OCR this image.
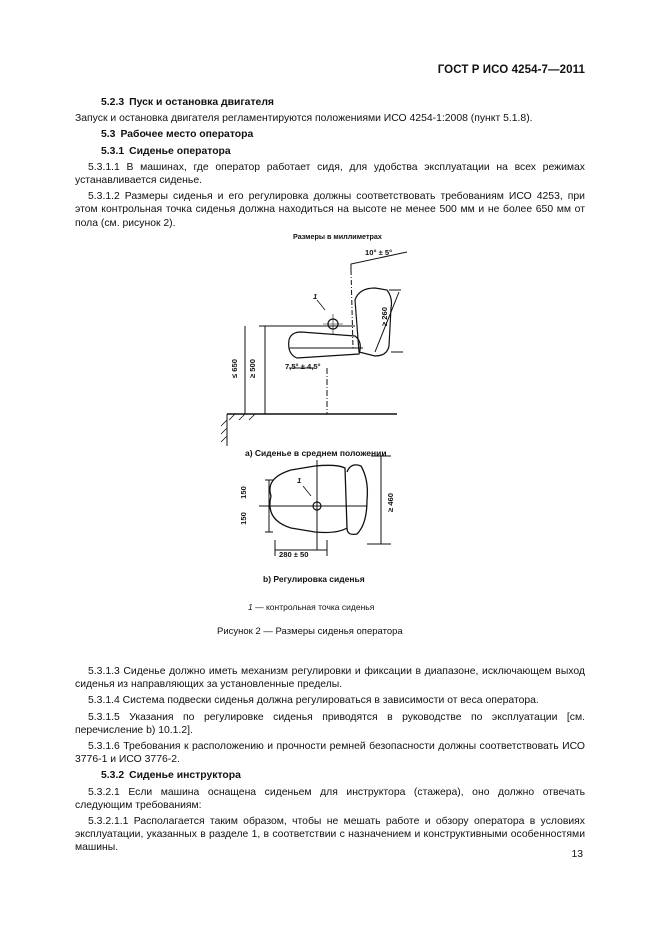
ГОСТ Р ИСО 4254-7—2011

5.2.3 Пуск и остановка двигателя

Запуск и остановка двигателя регламентируются положениями ИСО 4254-1:2008 (пункт 5.1.8).

5.3 Рабочее место оператора

5.3.1 Сиденье оператора

5.3.1.1 В машинах, где оператор работает сидя, для удобства эксплуатации на всех режимах устанавливается сиденье.

5.3.1.2 Размеры сиденья и его регулировка должны соответствовать требованиям ИСО 4253, при этом контрольная точка сиденья должна находиться на высоте не менее 500 мм и не более 650 мм от пола (см. рисунок 2).

Размеры в миллиметрах
10° ± 5°
≥ 260
≤ 650 ≥ 500	7,5° ± 4,5°
1
a) Сиденье в среднем положении
150
150
≥ 460
280 ± 50
1
b) Регулировка сиденья
1 — контрольная точка сиденья
Рисунок 2 — Размеры сиденья оператора

5.3.1.3 Сиденье должно иметь механизм регулировки и фиксации в диапазоне, исключающем выход сиденья из направляющих за установленные пределы.

5.3.1.4 Система подвески сиденья должна регулироваться в зависимости от веса оператора.

5.3.1.5 Указания по регулировке сиденья приводятся в руководстве по эксплуатации [см. перечисление b) 10.1.2].

5.3.1.6 Требования к расположению и прочности ремней безопасности должны соответствовать ИСО 3776-1 и ИСО 3776-2.

5.3.2 Сиденье инструктора

5.3.2.1 Если машина оснащена сиденьем для инструктора (стажера), оно должно отвечать следующим требованиям:

5.3.2.1.1 Располагается таким образом, чтобы не мешать работе и обзору оператора в условиях эксплуатации, указанных в разделе 1, в соответствии с назначением и конструктивными особенностями машины.

13
